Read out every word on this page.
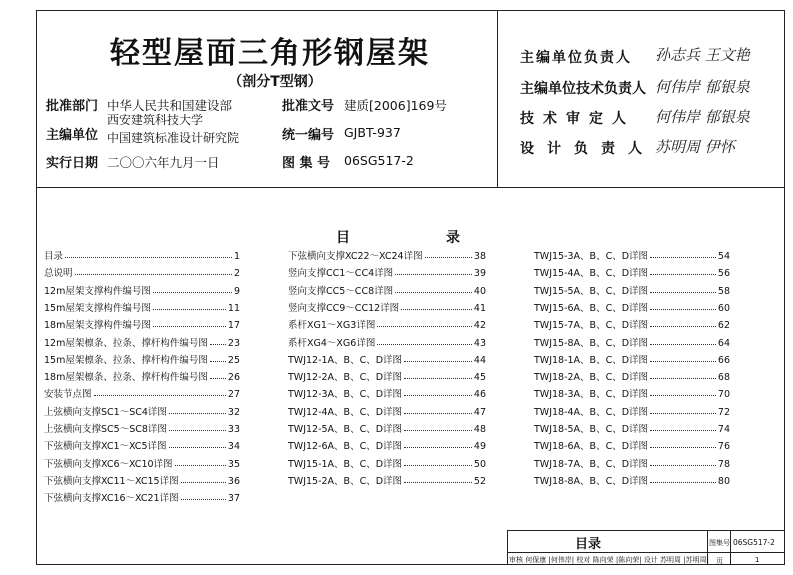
轻型屋面三角形钢屋架
（剖分T型钢）
批准部门 中华人民共和国建设部
主编单位
西安建筑科技大学
中国建筑标准设计研究院
实行日期 二〇〇六年九月一日
批准文号 建质[2006]169号
统一编号 GJBT-937
图 集 号 06SG517-2
主编单位负责人 孙志兵 王文艳
主编单位技术负责人 何伟岸 郁银泉
技术审定人 何伟岸 郁银泉
设计负责人 苏明周 伊怀
目	录
目录	1
总说明	2
12m屋架支撑构件编号图	9
15m屋架支撑构件编号图	11
18m屋架支撑构件编号图	17
12m屋架檩条、拉条、撑杆构件编号图 23
15m屋架檩条、拉条、撑杆构件编号图 25
18m屋架檩条、拉条、撑杆构件编号图 26
安装节点图	27
上弦横向支撑SC1～SC4详图	32
上弦横向支撑SC5～SC8详图	33
下弦横向支撑XC1～XC5详图	34
下弦横向支撑XC6～XC10详图	35
下弦横向支撑XC11～XC15详图	36
下弦横向支撑XC16～XC21详图	37
下弦横向支撑XC22～XC24详图	38
竖向支撑CC1～CC4详图	39
竖向支撑CC5～CC8详图	40
竖向支撑CC9～CC12详图	41
系杆XG1～XG3详图	42
系杆XG4～XG6详图	43
TWJ12-1A、B、C、D详图	44
TWJ12-2A、B、C、D详图	45
TWJ12-3A、B、C、D详图	46
TWJ12-4A、B、C、D详图	47
TWJ12-5A、B、C、D详图	48
TWJ12-6A、B、C、D详图	49
TWJ15-1A、B、C、D详图	50
TWJ15-2A、B、C、D详图	52
TWJ15-3A、B、C、D详图	54
TWJ15-4A、B、C、D详图	56
TWJ15-5A、B、C、D详图	58
TWJ15-6A、B、C、D详图	60
TWJ15-7A、B、C、D详图	62
TWJ15-8A、B、C、D详图	64
TWJ18-1A、B、C、D详图	66
TWJ18-2A、B、C、D详图	68
TWJ18-3A、B、C、D详图	70
TWJ18-4A、B、C、D详图	72
TWJ18-5A、B、C、D详图	74
TWJ18-6A、B、C、D详图	76
TWJ18-7A、B、C、D详图	78
TWJ18-8A、B、C、D详图	80
目录	图集号 06SG517-2
审核 何保康 |何伟岸| 校对 陈向荣 |陈向荣| 设计 苏明周 |苏明周| 页	1
